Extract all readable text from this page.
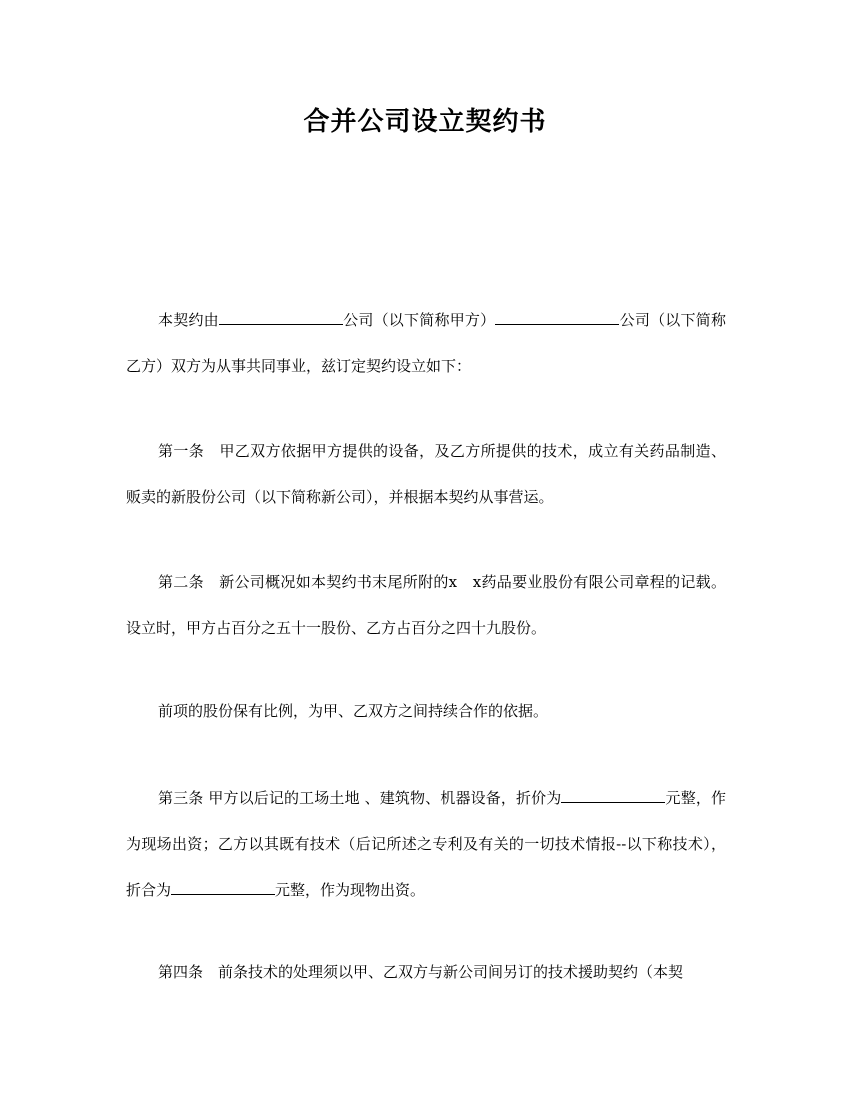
合并公司设立契约书

本契约由	公司（以下简称甲方）	公司（以下简称乙方）双方为从事共同事业，兹订定契约设立如下：

第一条　甲乙双方依据甲方提供的设备，及乙方所提供的技术，成立有关药品制造、贩卖的新股份公司（以下简称新公司），并根据本契约从事营运。

第二条　新公司概况如本契约书末尾所附的x　x药品要业股份有限公司章程的记载。设立时，甲方占百分之五十一股份、乙方占百分之四十九股份。

前项的股份保有比例，为甲、乙双方之间持续合作的依据。

第三条 甲方以后记的工场土地 、建筑物、机器设备，折价为	元整，作为现场出资；乙方以其既有技术（后记所述之专利及有关的一切技术情报--以下称技术），折合为	元整，作为现物出资。

第四条　前条技术的处理须以甲、乙双方与新公司间另订的技术援助契约（本契
